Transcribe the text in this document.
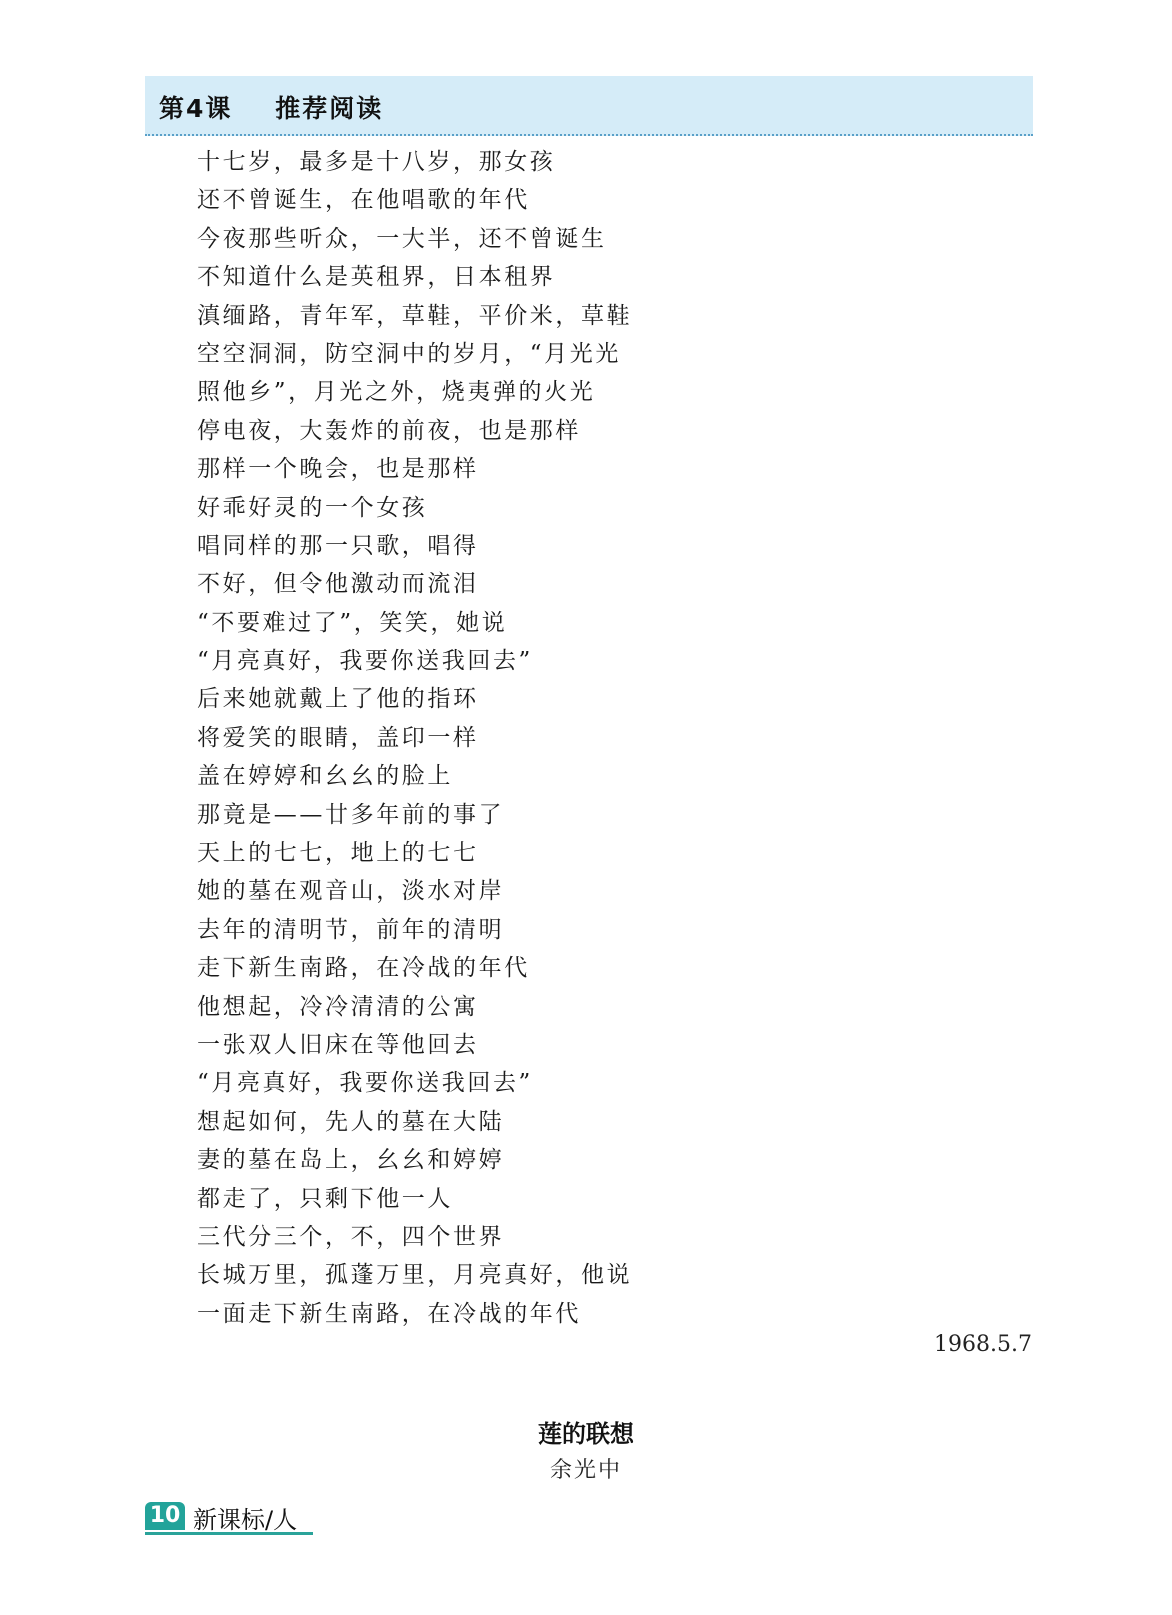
第4课    推荐阅读
十七岁，最多是十八岁，那女孩
还不曾诞生，在他唱歌的年代
今夜那些听众，一大半，还不曾诞生
不知道什么是英租界，日本租界
滇缅路，青年军，草鞋，平价米，草鞋
空空洞洞，防空洞中的岁月，“月光光
照他乡”，月光之外，烧夷弹的火光
停电夜，大轰炸的前夜，也是那样
那样一个晚会，也是那样
好乖好灵的一个女孩
唱同样的那一只歌，唱得
不好，但令他激动而流泪
“不要难过了”，笑笑，她说
“月亮真好，我要你送我回去”
后来她就戴上了他的指环
将爱笑的眼睛，盖印一样
盖在婷婷和幺幺的脸上
那竟是——廿多年前的事了
天上的七七，地上的七七
她的墓在观音山，淡水对岸
去年的清明节，前年的清明
走下新生南路，在冷战的年代
他想起，冷冷清清的公寓
一张双人旧床在等他回去
“月亮真好，我要你送我回去”
想起如何，先人的墓在大陆
妻的墓在岛上，幺幺和婷婷
都走了，只剩下他一人
三代分三个，不，四个世界
长城万里，孤蓬万里，月亮真好，他说
一面走下新生南路，在冷战的年代
1968.5.7
莲的联想
余光中
10 新课标/人
